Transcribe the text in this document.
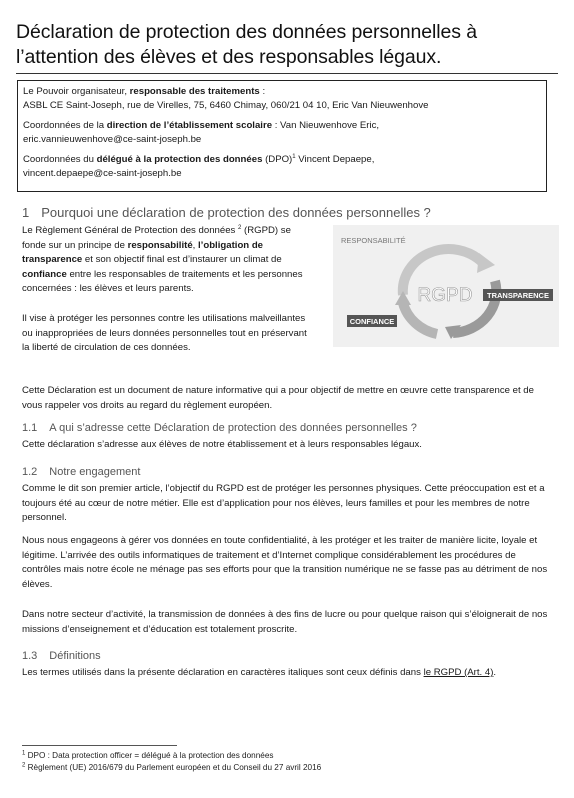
Déclaration de protection des données personnelles à l’attention des élèves et des responsables légaux.

Le Pouvoir organisateur, responsable des traitements :

ASBL CE Saint-Joseph, rue de Virelles, 75, 6460 Chimay, 060/21 04 10, Eric Van Nieuwenhove

Coordonnées de la direction de l’établissement scolaire : Van Nieuwenhove Eric,

eric.vannieuwenhove@ce-saint-joseph.be

Coordonnées du délégué à la protection des données (DPO)$^1$ Vincent Depaepe,

vincent.depaepe@ce-saint-joseph.be

1 Pourquoi une déclaration de protection des données personnelles ?
Le Règlement Général de Protection des données $^2$ (RGPD) se fonde sur un principe de responsabilité, l’obligation de transparence et son objectif final est d’instaurer un climat de confiance entre les responsables de traitements et les personnes concernées : les élèves et leurs parents.
Il vise à protéger les personnes contre les utilisations malveillantes ou inappropriées de leurs données personnelles tout en préservant la liberté de circulation de ces données.
Cette Déclaration est un document de nature informative qui a pour objectif de mettre en œuvre cette transparence et de vous rappeler vos droits au regard du règlement européen.
RGPD
RESPONSABILITÉ
TRANSPARENCE
CONFIANCE
1.1 A qui s’adresse cette Déclaration de protection des données personnelles ?
Cette déclaration s’adresse aux élèves de notre établissement et à leurs responsables légaux.
1.2 Notre engagement
Comme le dit son premier article, l’objectif du RGPD est de protéger les personnes physiques. Cette préoccupation est et a toujours été au cœur de notre métier. Elle est d’application pour nos élèves, leurs familles et pour les membres de notre personnel.
Nous nous engageons à gérer vos données en toute confidentialité, à les protéger et les traiter de manière licite, loyale et légitime. L’arrivée des outils informatiques de traitement et d’Internet complique considérablement les procédures de contrôles mais notre école ne ménage pas ses efforts pour que la transition numérique ne se fasse pas au détriment de nos élèves.
Dans notre secteur d’activité, la transmission de données à des fins de lucre ou pour quelque raison qui s’éloignerait de nos missions d’enseignement et d’éducation est totalement proscrite.
1.3 Définitions
Les termes utilisés dans la présente déclaration en caractères italiques sont ceux définis dans le RGPD (Art. 4).
$^1$ DPO : Data protection officer = délégué à la protection des données
$^2$ Règlement (UE) 2016/679 du Parlement européen et du Conseil du 27 avril 2016
